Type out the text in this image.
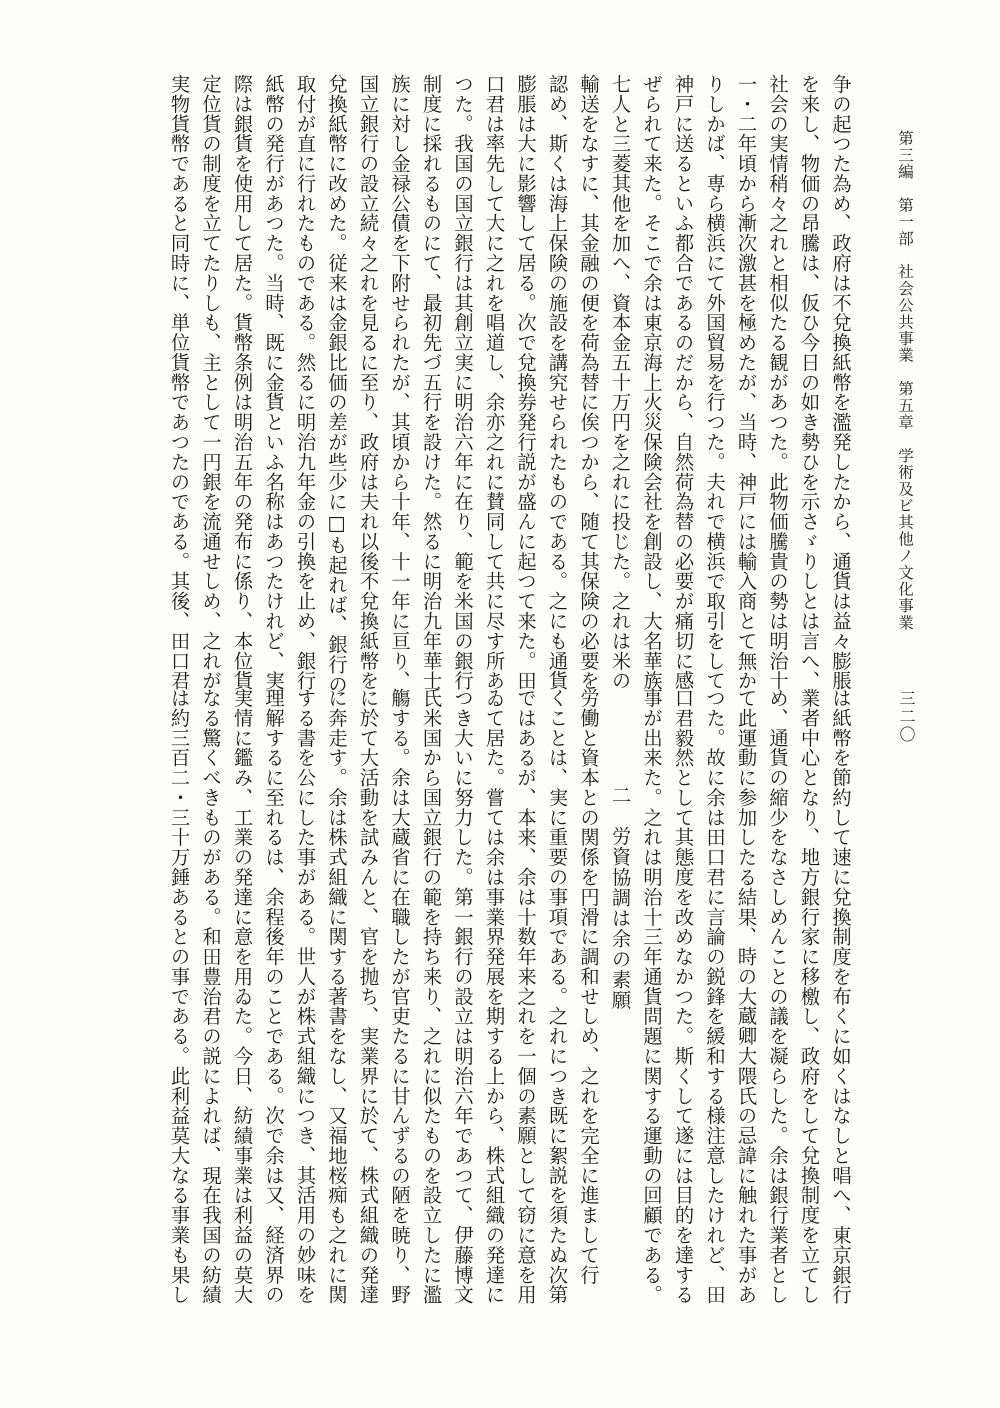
第三編　第一部　社会公共事業　第五章　学術及ビ其他ノ文化事業
三二〇
争の起つた為め、政府は不兌換紙幣を濫発したから、通貨は益々膨脹
を来し、物価の昂騰は、仮ひ今日の如き勢ひを示さゞりしとは言へ、
社会の実情稍々之れと相似たる観があつた。此物価騰貴の勢は明治十
一・二年頃から漸次激甚を極めたが、当時、神戸には輸入商とて無か
りしかば、専ら横浜にて外国貿易を行つた。夫れで横浜で取引をして
神戸に送るといふ都合であるのだから、自然荷為替の必要が痛切に感
ぜられて来た。そこで余は東京海上火災保険会社を創設し、大名華族
七人と三菱其他を加へ、資本金五十万円を之れに投じた。之れは米の
輸送をなすに、其金融の便を荷為替に俟つから、随て其保険の必要を
認め、斯くは海上保険の施設を講究せられたものである。之にも通貨
膨脹は大に影響して居る。次で兌換券発行説が盛んに起つて来た。田
口君は率先して大に之れを唱道し、余亦之れに賛同して共に尽す所あ
つた。我国の国立銀行は其創立実に明治六年に在り、範を米国の銀行
制度に採れるものにて、最初先づ五行を設けた。然るに明治九年華士
族に対し金禄公債を下附せられたが、其頃から十年、十一年に亘り、
国立銀行の設立続々之れを見るに至り、政府は夫れ以後不兌換紙幣を
兌換紙幣に改めた。従来は金銀比価の差が些少に□も起れば、銀行の
取付が直に行れたものである。然るに明治九年金の引換を止め、銀行
紙幣の発行があつた。当時、既に金貨といふ名称はあつたけれど、実
際は銀貨を使用して居た。貨幣条例は明治五年の発布に係り、本位貨
定位貨の制度を立てたりしも、主として一円銀を流通せしめ、之れが
実物貨幣であると同時に、単位貨幣であつたのである。其後、田口君
は紙幣を節約して速に兌換制度を布くに如くはなしと唱へ、東京銀行
業者中心となり、地方銀行家に移檄し、政府をして兌換制度を立てし
め、通貨の縮少をなさしめんことの議を凝らした。余は銀行業者とし
て此運動に参加したる結果、時の大蔵卿大隈氏の忌諱に触れた事があ
つた。故に余は田口君に言論の鋭鋒を緩和する様注意したけれど、田
口君毅然として其態度を改めなかつた。斯くして遂には目的を達する
事が出来た。之れは明治十三年通貨問題に関する運動の回顧である。
二　労資協調は余の素願
労働と資本との関係を円滑に調和せしめ、之れを完全に進まして行
くことは、実に重要の事項である。之れにつき既に絮説を須たぬ次第
ではあるが、本来、余は十数年来之れを一個の素願として窃に意を用
ゐて居た。嘗ては余は事業界発展を期する上から、株式組織の発達に
つき大いに努力した。第一銀行の設立は明治六年であつて、伊藤博文
氏米国から国立銀行の範を持ち来り、之れに似たものを設立したに濫
觴する。余は大蔵省に在職したが官吏たるに甘んずるの陋を暁り、野
に於て大活動を試みんと、官を抛ち、実業界に於て、株式組織の発達
に奔走す。余は株式組織に関する著書をなし、又福地桜痴も之れに関
する書を公にした事がある。世人が株式組織につき、其活用の妙味を
理解するに至れるは、余程後年のことである。次で余は又、経済界の
実情に鑑み、工業の発達に意を用ゐた。今日、紡績事業は利益の莫大
なる驚くべきものがある。和田豊治君の説によれば、現在我国の紡績
は約三百二・三十万錘あるとの事である。此利益莫大なる事業も果し
